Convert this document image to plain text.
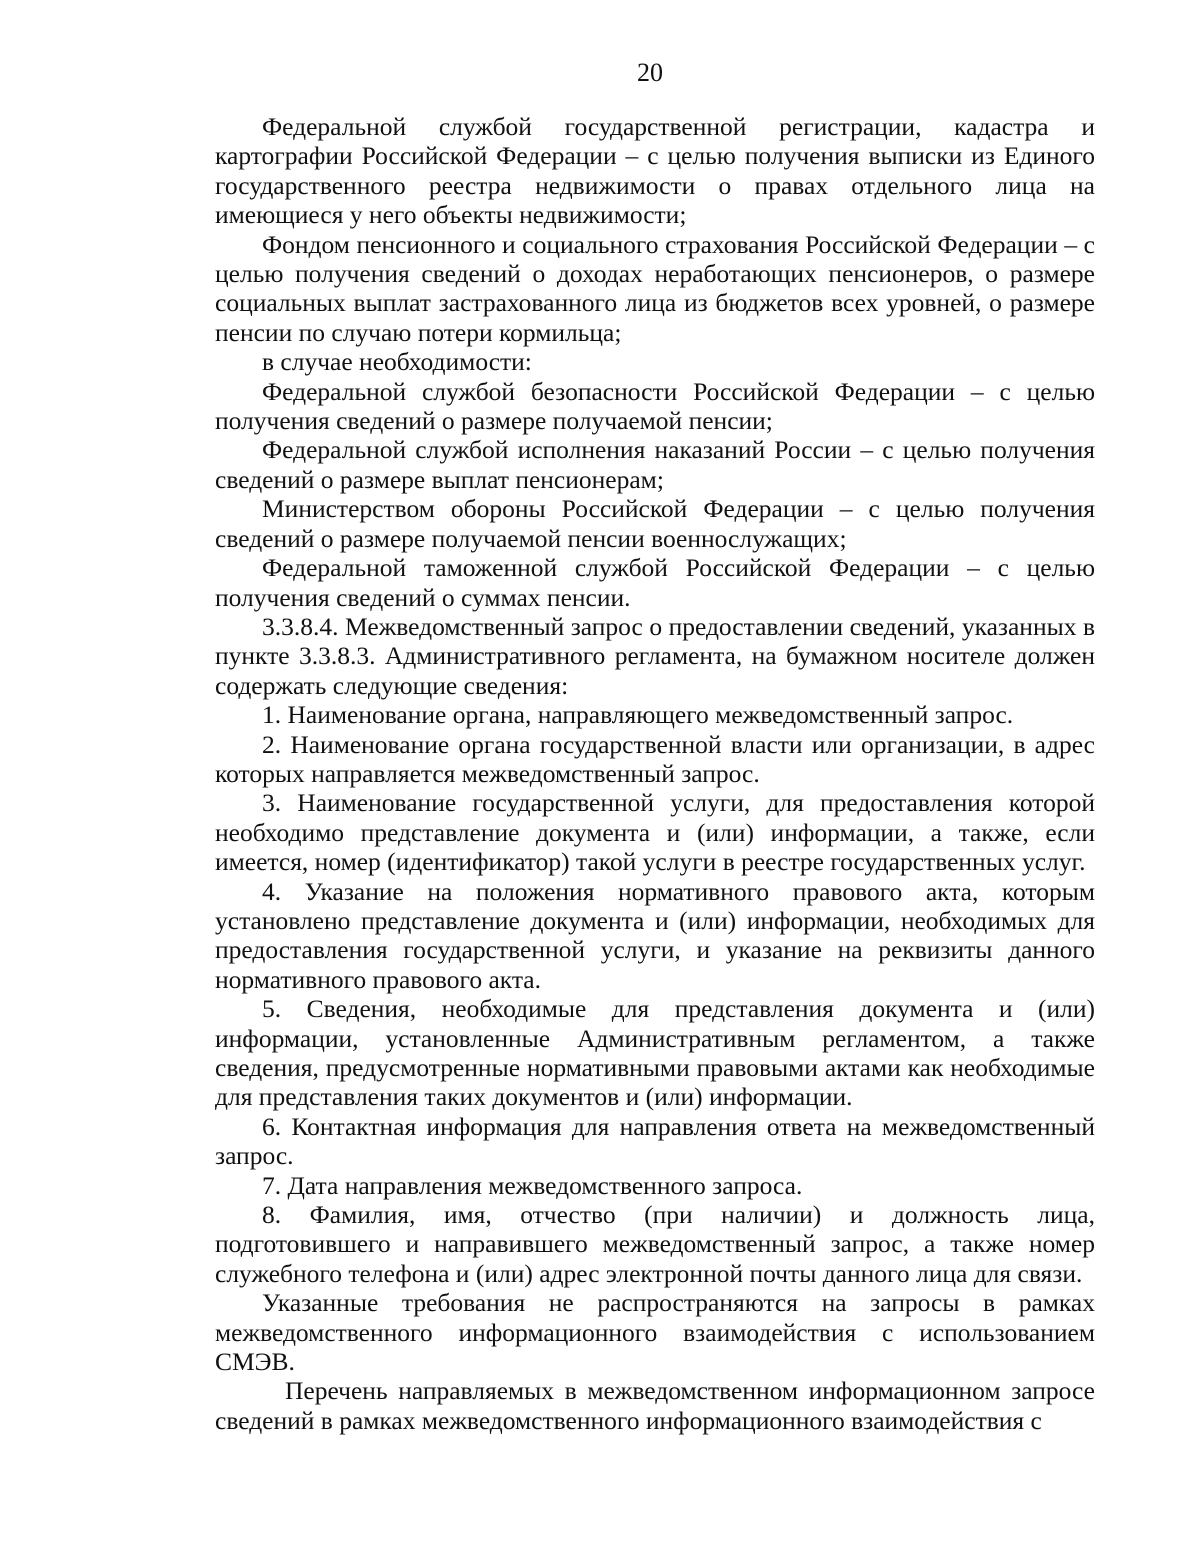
20

Федеральной службой государственной регистрации, кадастра и картографии Российской Федерации – с целью получения выписки из Единого государственного реестра недвижимости о правах отдельного лица на имеющиеся у него объекты недвижимости;

Фондом пенсионного и социального страхования Российской Федерации – с целью получения сведений о доходах неработающих пенсионеров, о размере социальных выплат застрахованного лица из бюджетов всех уровней, о размере пенсии по случаю потери кормильца;

в случае необходимости:

Федеральной службой безопасности Российской Федерации – с целью получения сведений о размере получаемой пенсии;

Федеральной службой исполнения наказаний России – с целью получения сведений о размере выплат пенсионерам;

Министерством обороны Российской Федерации – с целью получения сведений о размере получаемой пенсии военнослужащих;

Федеральной таможенной службой Российской Федерации – с целью получения сведений о суммах пенсии.

3.3.8.4. Межведомственный запрос о предоставлении сведений, указанных в пункте 3.3.8.3. Административного регламента, на бумажном носителе должен содержать следующие сведения:

1. Наименование органа, направляющего межведомственный запрос.

2. Наименование органа государственной власти или организации, в адрес которых направляется межведомственный запрос.

3. Наименование государственной услуги, для предоставления которой необходимо представление документа и (или) информации, а также, если имеется, номер (идентификатор) такой услуги в реестре государственных услуг.

4. Указание на положения нормативного правового акта, которым установлено представление документа и (или) информации, необходимых для предоставления государственной услуги, и указание на реквизиты данного нормативного правового акта.

5. Сведения, необходимые для представления документа и (или) информации, установленные Административным регламентом, а также сведения, предусмотренные нормативными правовыми актами как необходимые для представления таких документов и (или) информации.

6. Контактная информация для направления ответа на межведомственный запрос.

7. Дата направления межведомственного запроса.

8. Фамилия, имя, отчество (при наличии) и должность лица, подготовившего и направившего межведомственный запрос, а также номер служебного телефона и (или) адрес электронной почты данного лица для связи.

Указанные требования не распространяются на запросы в рамках межведомственного информационного взаимодействия с использованием СМЭВ.

Перечень направляемых в межведомственном информационном запросе сведений в рамках межведомственного информационного взаимодействия с
